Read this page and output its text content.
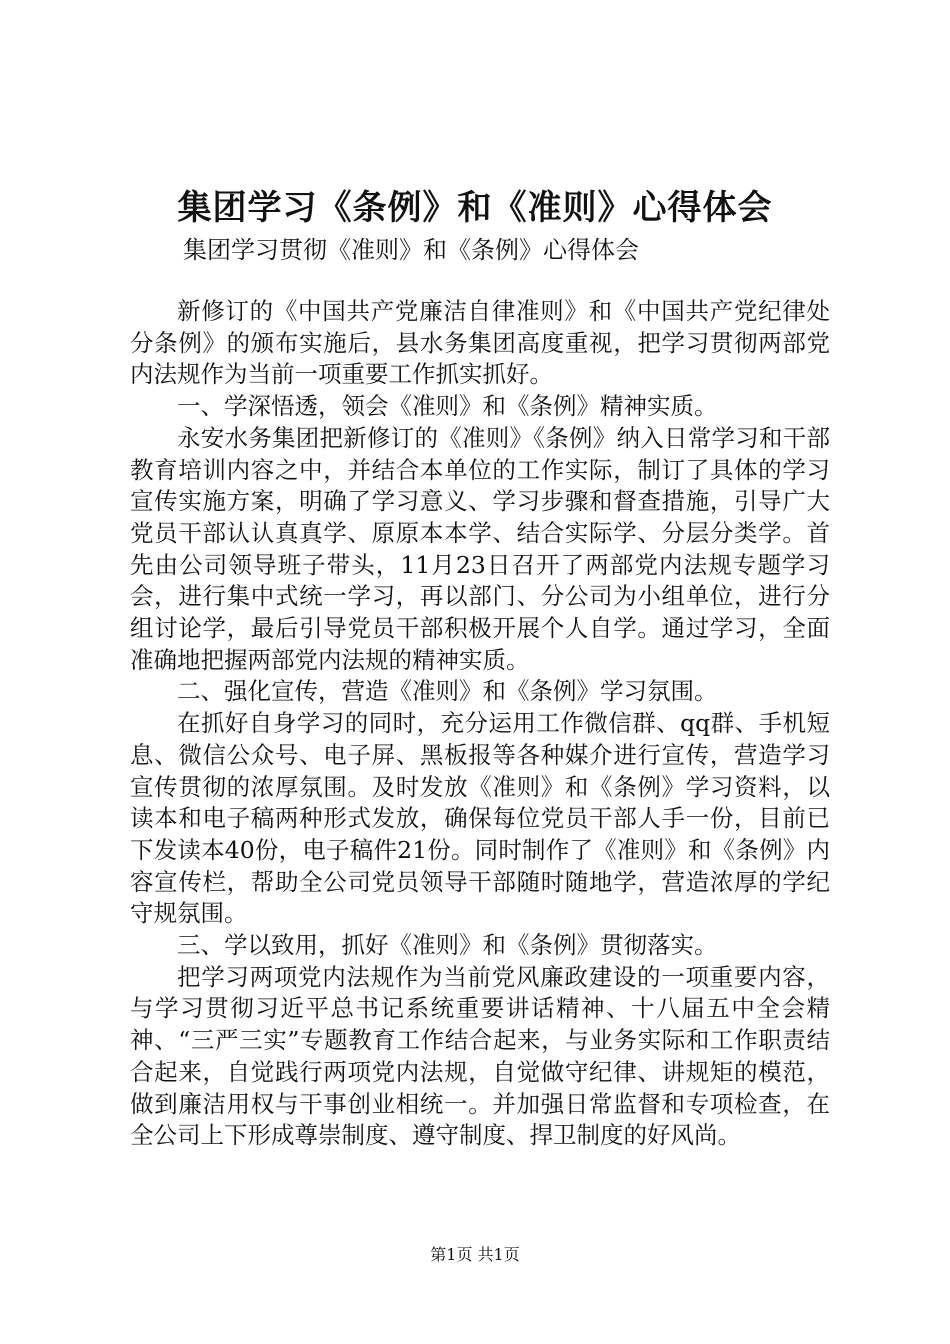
集团学习《条例》和《准则》心得体会
集团学习贯彻《准则》和《条例》心得体会

新修订的《中国共产党廉洁自律准则》和《中国共产党纪律处分条例》的颁布实施后，县水务集团高度重视，把学习贯彻两部党内法规作为当前一项重要工作抓实抓好。

一、学深悟透，领会《准则》和《条例》精神实质。

永安水务集团把新修订的《准则》《条例》纳入日常学习和干部教育培训内容之中，并结合本单位的工作实际，制订了具体的学习宣传实施方案，明确了学习意义、学习步骤和督查措施，引导广大党员干部认认真真学、原原本本学、结合实际学、分层分类学。首先由公司领导班子带头，11月23日召开了两部党内法规专题学习会，进行集中式统一学习，再以部门、分公司为小组单位，进行分组讨论学，最后引导党员干部积极开展个人自学。通过学习，全面准确地把握两部党内法规的精神实质。

二、强化宣传，营造《准则》和《条例》学习氛围。

在抓好自身学习的同时，充分运用工作微信群、qq群、手机短息、微信公众号、电子屏、黑板报等各种媒介进行宣传，营造学习宣传贯彻的浓厚氛围。及时发放《准则》和《条例》学习资料，以读本和电子稿两种形式发放，确保每位党员干部人手一份，目前已下发读本40份，电子稿件21份。同时制作了《准则》和《条例》内容宣传栏，帮助全公司党员领导干部随时随地学，营造浓厚的学纪守规氛围。

三、学以致用，抓好《准则》和《条例》贯彻落实。

把学习两项党内法规作为当前党风廉政建设的一项重要内容，与学习贯彻习近平总书记系统重要讲话精神、十八届五中全会精神、“三严三实”专题教育工作结合起来，与业务实际和工作职责结合起来，自觉践行两项党内法规，自觉做守纪律、讲规矩的模范，做到廉洁用权与干事创业相统一。并加强日常监督和专项检查，在全公司上下形成尊崇制度、遵守制度、捍卫制度的好风尚。

第1页 共1页
